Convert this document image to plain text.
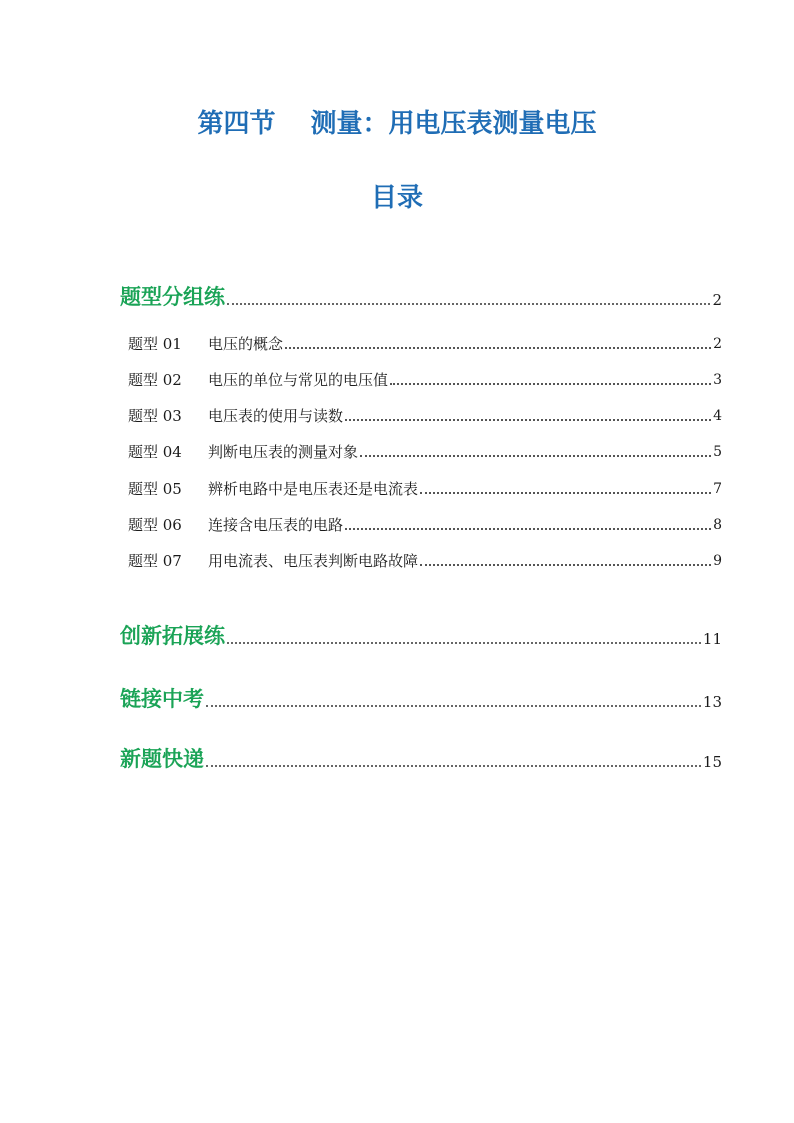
第四节　 测量：用电压表测量电压
目录
题型分组练	2
题型 01	电压的概念	2
题型 02	电压的单位与常见的电压值	3
题型 03	电压表的使用与读数	4
题型 04	判断电压表的测量对象	5
题型 05	辨析电路中是电压表还是电流表	7
题型 06	连接含电压表的电路	8
题型 07	用电流表、电压表判断电路故障	9
创新拓展练	11
链接中考	13
新题快递	15
